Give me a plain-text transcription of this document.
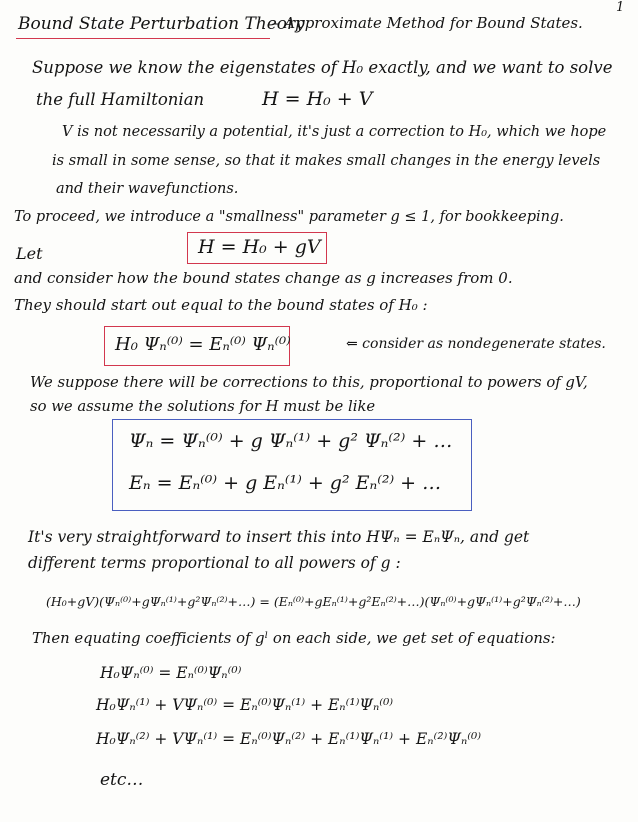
1
Bound State Perturbation Theory
– Approximate Method for Bound States.
Suppose we know the eigenstates of H₀ exactly, and we want to solve
the full Hamiltonian	H = H₀ + V
V is not necessarily a potential, it's just a correction to H₀, which we hope
is small in some sense, so that it makes small changes in the energy levels
and their wavefunctions.
To proceed, we introduce a "smallness" parameter g ≤ 1, for bookkeeping.
Let	H = H₀ + gV
and consider how the bound states change as g increases from 0.
They should start out equal to the bound states of H₀ :
H₀ Ψₙ⁽⁰⁾ = Eₙ⁽⁰⁾ Ψₙ⁽⁰⁾	⇐ consider as nondegenerate states.
We suppose there will be corrections to this, proportional to powers of gV,
so we assume the solutions for H must be like
Ψₙ = Ψₙ⁽⁰⁾ + g Ψₙ⁽¹⁾ + g² Ψₙ⁽²⁾ + …
Eₙ = Eₙ⁽⁰⁾ + g Eₙ⁽¹⁾ + g² Eₙ⁽²⁾ + …
It's very straightforward to insert this into HΨₙ = EₙΨₙ, and get
different terms proportional to all powers of g :
(H₀+gV)(Ψₙ⁽⁰⁾+gΨₙ⁽¹⁾+g²Ψₙ⁽²⁾+…) = (Eₙ⁽⁰⁾+gEₙ⁽¹⁾+g²Eₙ⁽²⁾+…)(Ψₙ⁽⁰⁾+gΨₙ⁽¹⁾+g²Ψₙ⁽²⁾+…)
Then equating coefficients of gˡ on each side, we get set of equations:
H₀Ψₙ⁽⁰⁾ = Eₙ⁽⁰⁾Ψₙ⁽⁰⁾
H₀Ψₙ⁽¹⁾ + VΨₙ⁽⁰⁾ = Eₙ⁽⁰⁾Ψₙ⁽¹⁾ + Eₙ⁽¹⁾Ψₙ⁽⁰⁾
H₀Ψₙ⁽²⁾ + VΨₙ⁽¹⁾ = Eₙ⁽⁰⁾Ψₙ⁽²⁾ + Eₙ⁽¹⁾Ψₙ⁽¹⁾ + Eₙ⁽²⁾Ψₙ⁽⁰⁾
etc…
